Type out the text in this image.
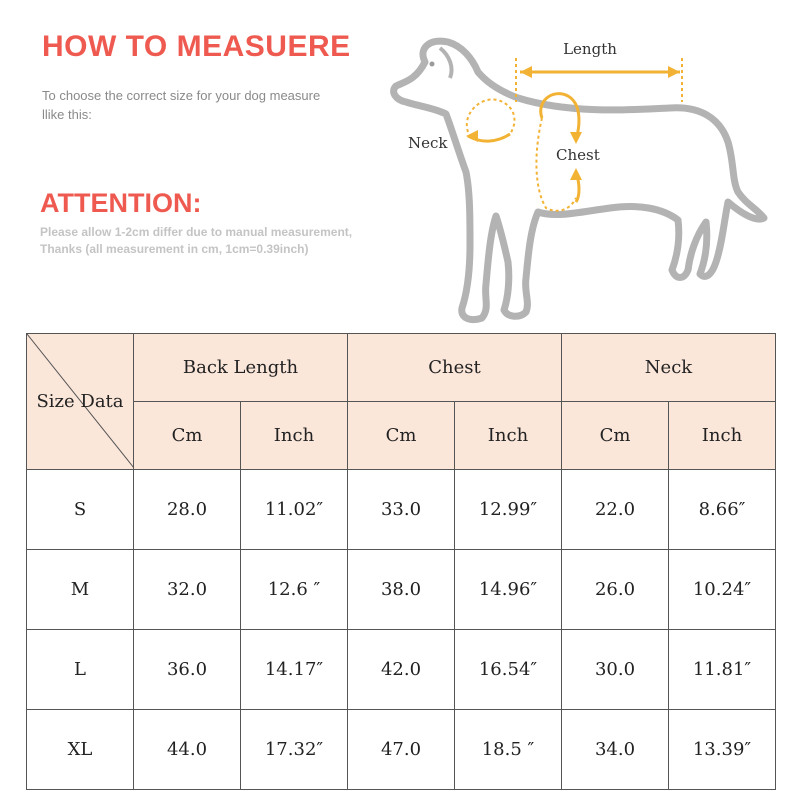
HOW TO MEASUERE

To choose the correct size for your dog measure llike this:

ATTENTION:
Please allow 1-2cm differ due to manual measurement,
Thanks (all measurement in cm, 1cm=0.39inch)
Length
Neck
Chest
Size Data	Back Length		Chest		Neck	
	Cm	Inch	Cm	Inch	Cm	Inch
S	28.0	11.02″	33.0	12.99″	22.0	8.66″
M	32.0	12.6 ″	38.0	14.96″	26.0	10.24″
L	36.0	14.17″	42.0	16.54″	30.0	11.81″
XL	44.0	17.32″	47.0	18.5 ″	34.0	13.39″
